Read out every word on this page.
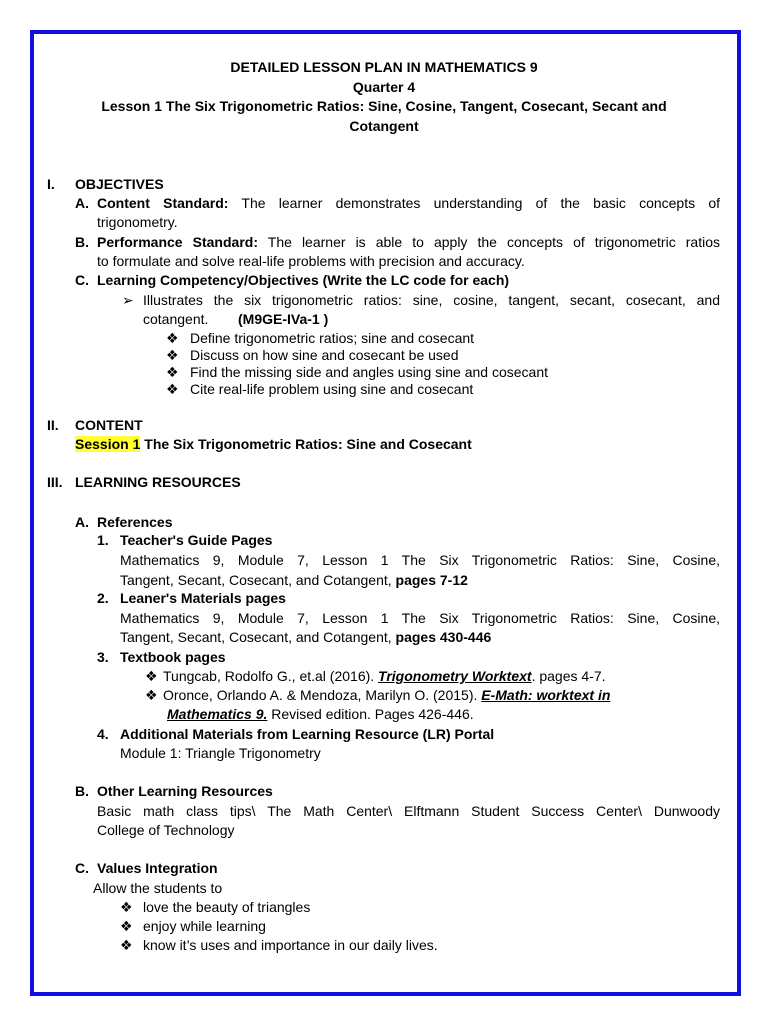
DETAILED LESSON PLAN IN MATHEMATICS 9
Quarter 4
Lesson 1 The Six Trigonometric Ratios: Sine, Cosine, Tangent, Cosecant, Secant and
Cotangent
I. OBJECTIVES
A. Content Standard: The learner demonstrates understanding of the basic concepts of
trigonometry.
B. Performance Standard: The learner is able to apply the concepts of trigonometric ratios
to formulate and solve real-life problems with precision and accuracy.
C. Learning Competency/Objectives (Write the LC code for each)
➢ Illustrates the six trigonometric ratios: sine, cosine, tangent, secant, cosecant, and
cotangent. (M9GE-IVa-1 )
❖ Define trigonometric ratios; sine and cosecant
❖ Discuss on how sine and cosecant be used
❖ Find the missing side and angles using sine and cosecant
❖ Cite real-life problem using sine and cosecant
II. CONTENT
Session 1 The Six Trigonometric Ratios: Sine and Cosecant
III. LEARNING RESOURCES
A. References
1. Teacher's Guide Pages
Mathematics 9, Module 7, Lesson 1 The Six Trigonometric Ratios: Sine, Cosine,
Tangent, Secant, Cosecant, and Cotangent, pages 7-12
2. Leaner's Materials pages
Mathematics 9, Module 7, Lesson 1 The Six Trigonometric Ratios: Sine, Cosine,
Tangent, Secant, Cosecant, and Cotangent, pages 430-446
3. Textbook pages
❖ Tungcab, Rodolfo G., et.al (2016). Trigonometry Worktext. pages 4-7.
❖ Oronce, Orlando A. & Mendoza, Marilyn O. (2015). E-Math: worktext in
Mathematics 9. Revised edition. Pages 426-446.
4. Additional Materials from Learning Resource (LR) Portal
Module 1: Triangle Trigonometry
B. Other Learning Resources
Basic math class tips\ The Math Center\ Elftmann Student Success Center\ Dunwoody
College of Technology
C. Values Integration
Allow the students to
❖ love the beauty of triangles
❖ enjoy while learning
❖ know it’s uses and importance in our daily lives.
